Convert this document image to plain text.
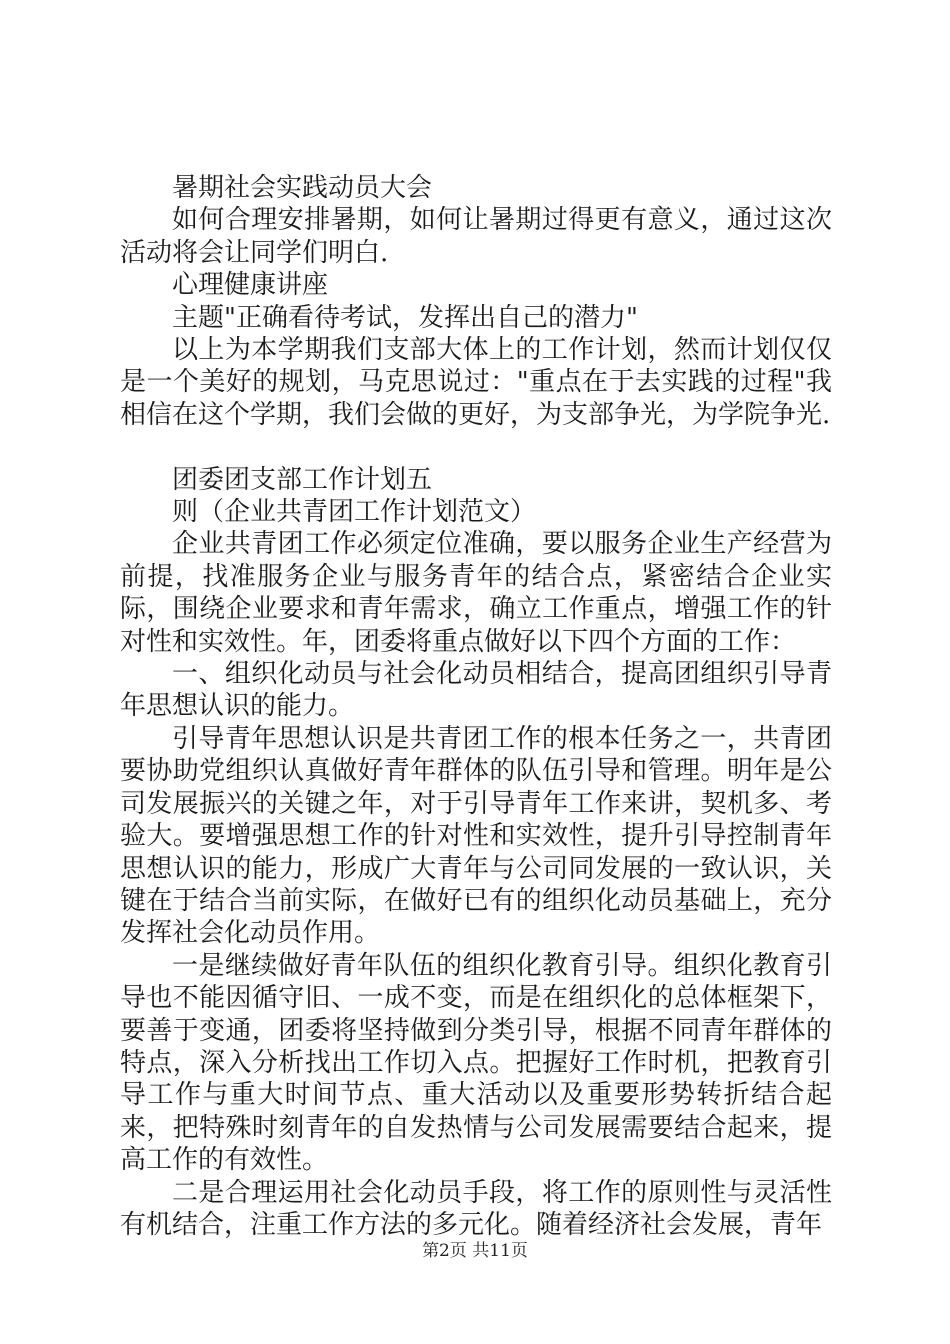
暑期社会实践动员大会

如何合理安排暑期，如何让暑期过得更有意义，通过这次活动将会让同学们明白.

心理健康讲座

主题"正确看待考试，发挥出自己的潜力"

以上为本学期我们支部大体上的工作计划，然而计划仅仅是一个美好的规划，马克思说过："重点在于去实践的过程"我相信在这个学期，我们会做的更好，为支部争光，为学院争光.

团委团支部工作计划五

则（企业共青团工作计划范文）

企业共青团工作必须定位准确，要以服务企业生产经营为前提，找准服务企业与服务青年的结合点，紧密结合企业实际，围绕企业要求和青年需求，确立工作重点，增强工作的针对性和实效性。年，团委将重点做好以下四个方面的工作：

一、组织化动员与社会化动员相结合，提高团组织引导青年思想认识的能力。

引导青年思想认识是共青团工作的根本任务之一，共青团要协助党组织认真做好青年群体的队伍引导和管理。明年是公司发展振兴的关键之年，对于引导青年工作来讲，契机多、考验大。要增强思想工作的针对性和实效性，提升引导控制青年思想认识的能力，形成广大青年与公司同发展的一致认识，关键在于结合当前实际，在做好已有的组织化动员基础上，充分发挥社会化动员作用。

一是继续做好青年队伍的组织化教育引导。组织化教育引导也不能因循守旧、一成不变，而是在组织化的总体框架下，要善于变通，团委将坚持做到分类引导，根据不同青年群体的特点，深入分析找出工作切入点。把握好工作时机，把教育引导工作与重大时间节点、重大活动以及重要形势转折结合起来，把特殊时刻青年的自发热情与公司发展需要结合起来，提高工作的有效性。

二是合理运用社会化动员手段，将工作的原则性与灵活性有机结合，注重工作方法的多元化。随着经济社会发展，青年

第2页 共11页
